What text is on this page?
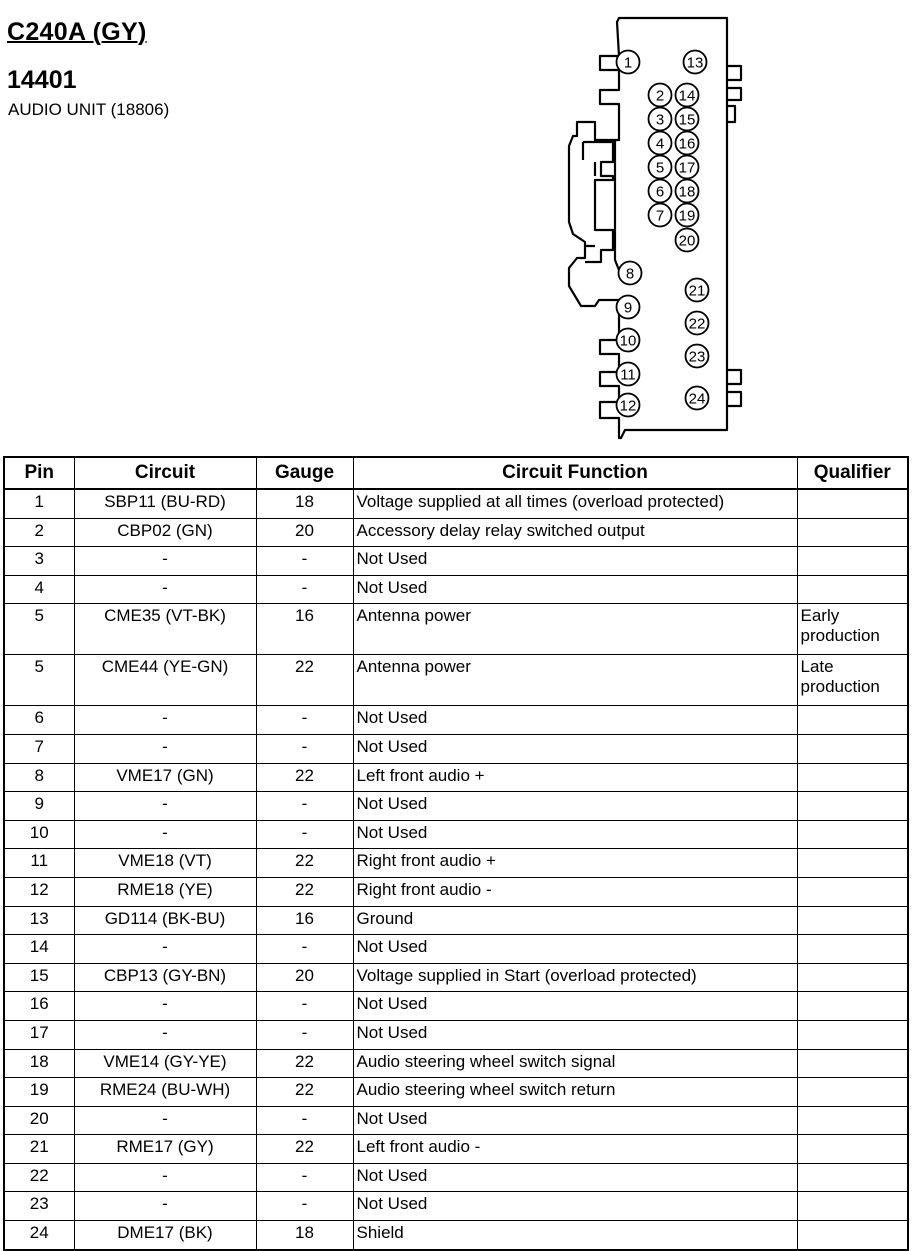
C240A (GY)
14401

AUDIO UNIT (18806)

1
2
3
4
5
6
7
8
9
10
11
12
13
14
15
16
17
18
19
20
21
22
23
24
Pin	Circuit	Gauge	Circuit Function	Qualifier
1	SBP11 (BU-RD)	18	Voltage supplied at all times (overload protected)	
2	CBP02 (GN)	20	Accessory delay relay switched output	
3	-	-	Not Used	
4	-	-	Not Used	
5	CME35 (VT-BK)	16	Antenna power	Early production
5	CME44 (YE-GN)	22	Antenna power	Late production
6	-	-	Not Used	
7	-	-	Not Used	
8	VME17 (GN)	22	Left front audio +	
9	-	-	Not Used	
10	-	-	Not Used	
11	VME18 (VT)	22	Right front audio +	
12	RME18 (YE)	22	Right front audio -	
13	GD114 (BK-BU)	16	Ground	
14	-	-	Not Used	
15	CBP13 (GY-BN)	20	Voltage supplied in Start (overload protected)	
16	-	-	Not Used	
17	-	-	Not Used	
18	VME14 (GY-YE)	22	Audio steering wheel switch signal	
19	RME24 (BU-WH)	22	Audio steering wheel switch return	
20	-	-	Not Used	
21	RME17 (GY)	22	Left front audio -	
22	-	-	Not Used	
23	-	-	Not Used	
24	DME17 (BK)	18	Shield	
